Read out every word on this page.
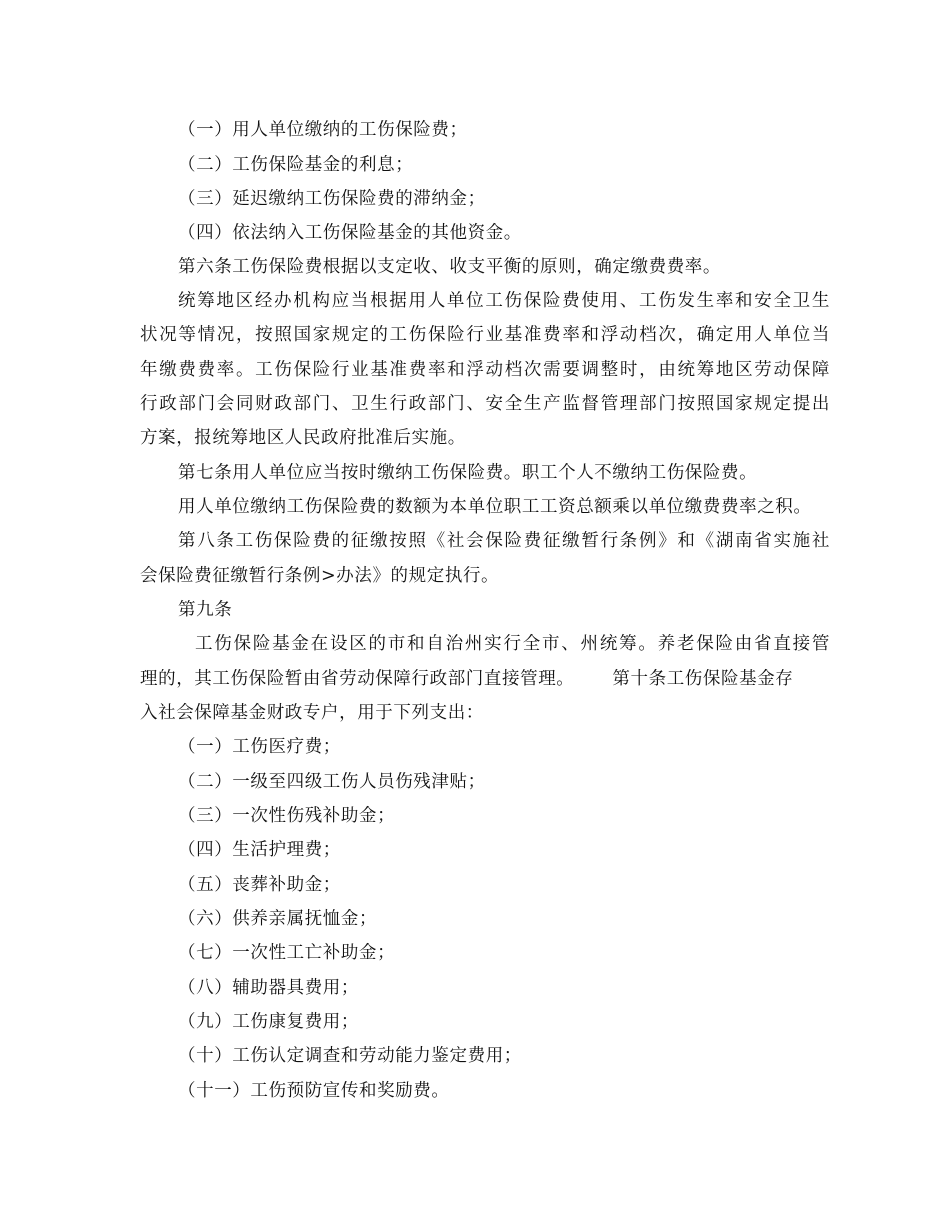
（一）用人单位缴纳的工伤保险费；
（二）工伤保险基金的利息；
（三）延迟缴纳工伤保险费的滞纳金；
（四）依法纳入工伤保险基金的其他资金。
第六条工伤保险费根据以支定收、收支平衡的原则，确定缴费费率。
统筹地区经办机构应当根据用人单位工伤保险费使用、工伤发生率和安全卫生
状况等情况，按照国家规定的工伤保险行业基准费率和浮动档次，确定用人单位当
年缴费费率。工伤保险行业基准费率和浮动档次需要调整时，由统筹地区劳动保障
行政部门会同财政部门、卫生行政部门、安全生产监督管理部门按照国家规定提出
方案，报统筹地区人民政府批准后实施。
第七条用人单位应当按时缴纳工伤保险费。职工个人不缴纳工伤保险费。
用人单位缴纳工伤保险费的数额为本单位职工工资总额乘以单位缴费费率之积。
第八条工伤保险费的征缴按照《社会保险费征缴暂行条例》和《湖南省实施社
会保险费征缴暂行条例>办法》的规定执行。
第九条
工伤保险基金在设区的市和自治州实行全市、州统筹。养老保险由省直接管
理的，其工伤保险暂由省劳动保障行政部门直接管理。 第十条工伤保险基金存
入社会保障基金财政专户，用于下列支出：
（一）工伤医疗费；
（二）一级至四级工伤人员伤残津贴；
（三）一次性伤残补助金；
（四）生活护理费；
（五）丧葬补助金；
（六）供养亲属抚恤金；
（七）一次性工亡补助金；
（八）辅助器具费用；
（九）工伤康复费用；
（十）工伤认定调查和劳动能力鉴定费用；
（十一）工伤预防宣传和奖励费。
